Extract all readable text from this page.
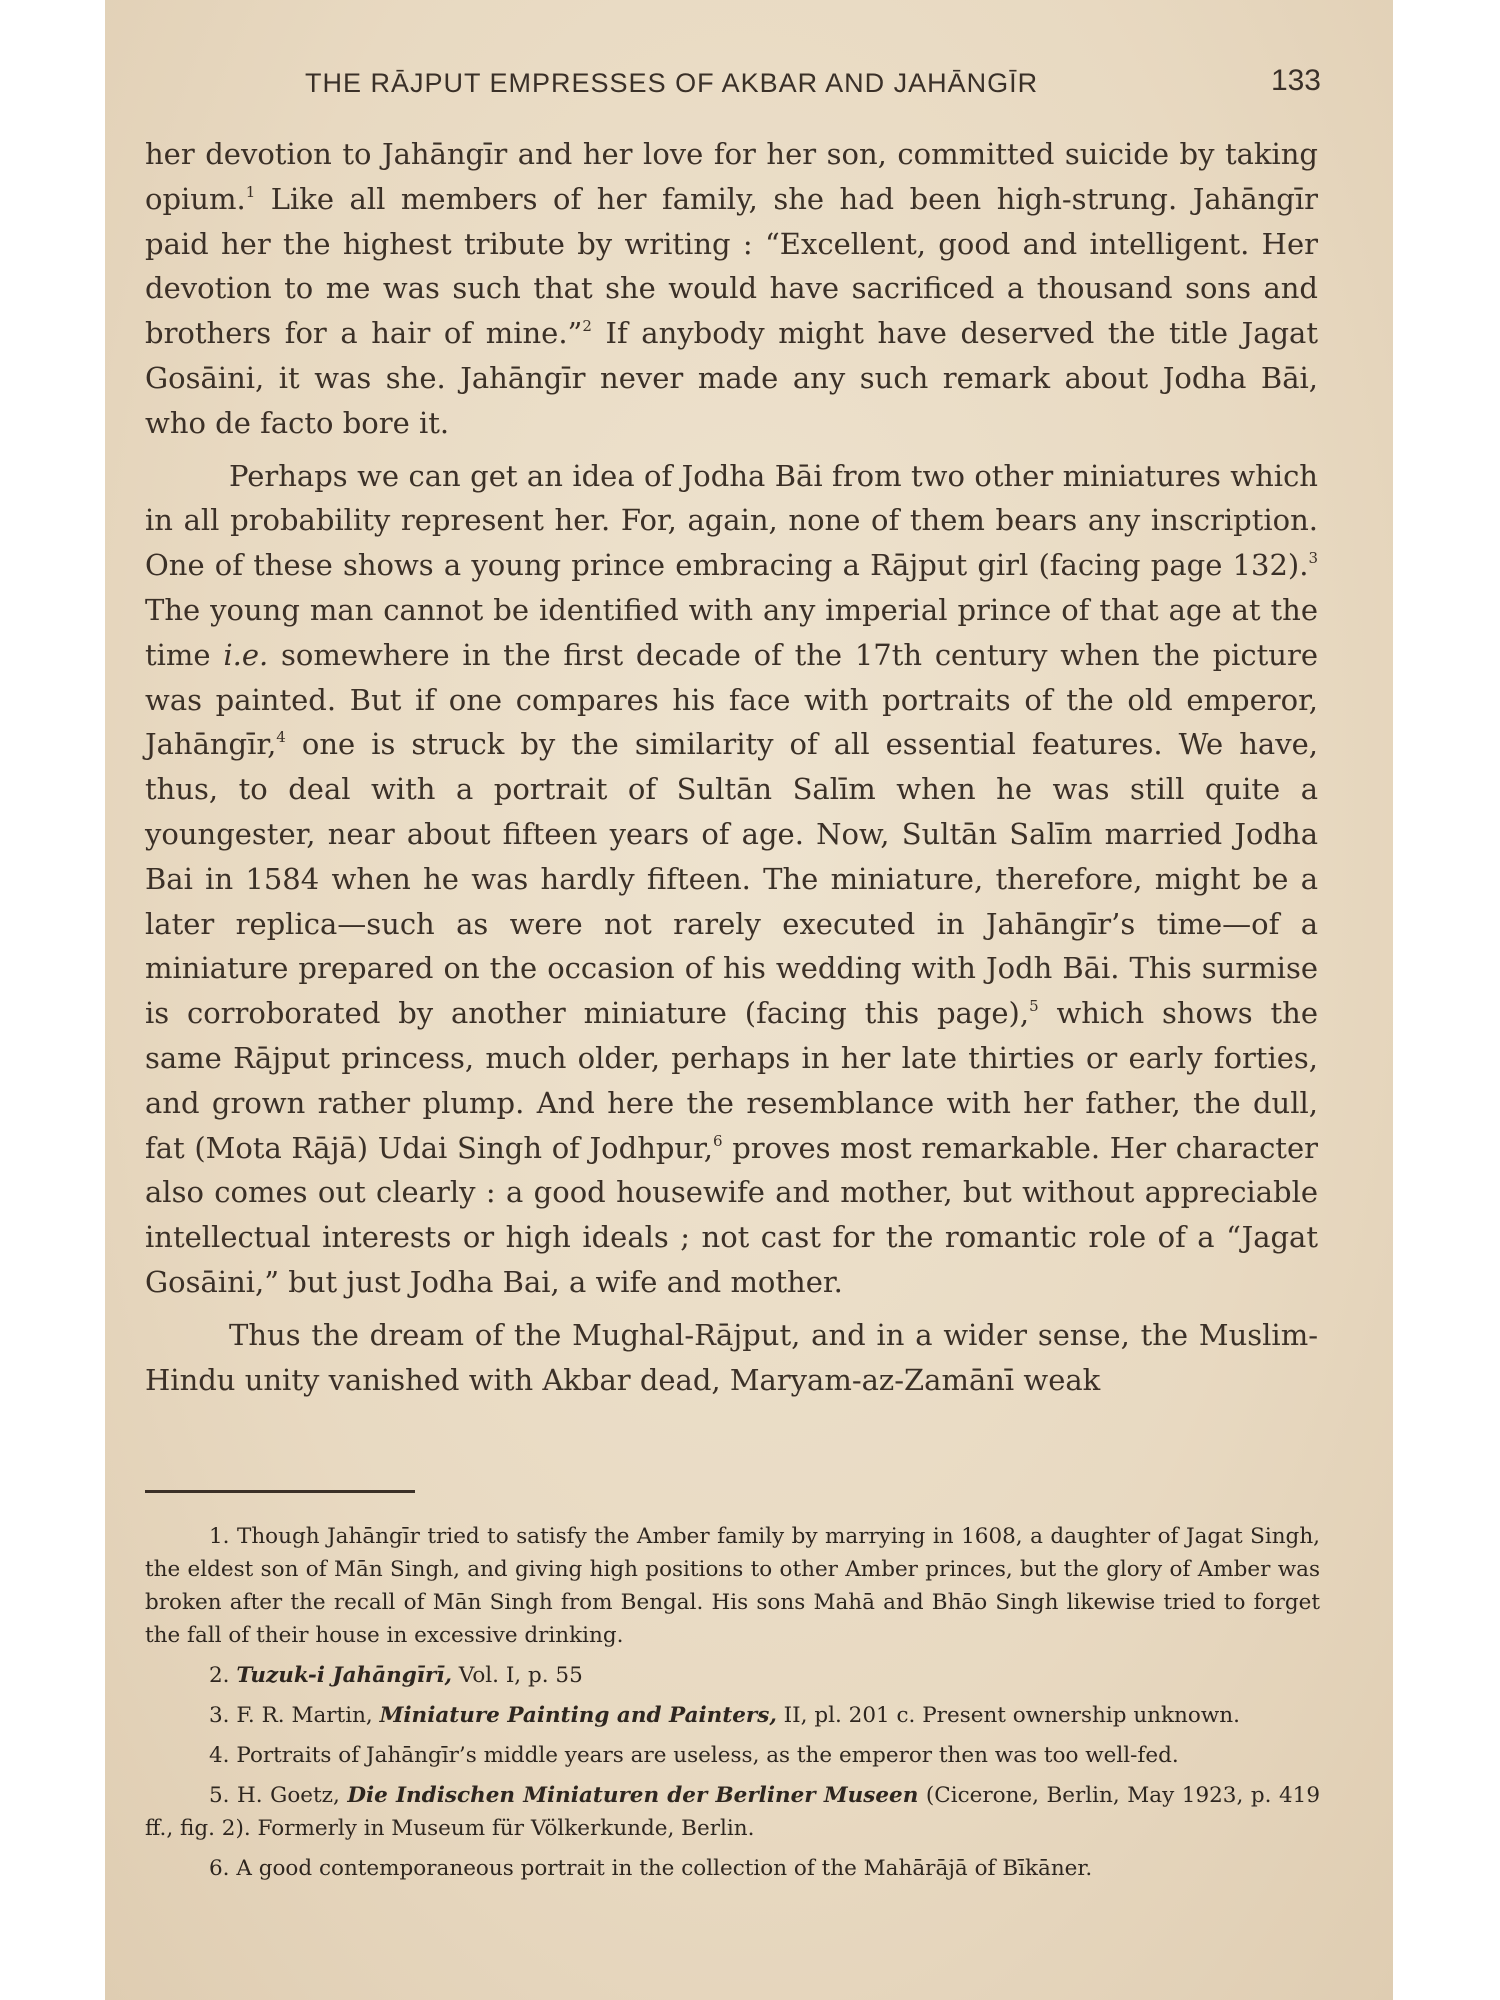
THE RĀJPUT EMPRESSES OF AKBAR AND JAHĀNGĪR	133

her devotion to Jahāngīr and her love for her son, committed suicide by taking opium.$^1$ Like all members of her family, she had been high-strung. Jahāngīr paid her the highest tribute by writing : “Excellent, good and intelligent. Her devotion to me was such that she would have sacrificed a thousand sons and brothers for a hair of mine.”$^2$ If anybody might have deserved the title Jagat Gosāini, it was she. Jahāngīr never made any such remark about Jodha Bāi, who de facto bore it.

Perhaps we can get an idea of Jodha Bāi from two other miniatures which in all probability represent her. For, again, none of them bears any inscription. One of these shows a young prince embracing a Rājput girl (facing page 132).$^3$ The young man cannot be identified with any imperial prince of that age at the time i.e. somewhere in the first decade of the 17th century when the picture was painted. But if one compares his face with portraits of the old emperor, Jahāngīr,$^4$ one is struck by the similarity of all essential features. We have, thus, to deal with a portrait of Sultān Salīm when he was still quite a youngester, near about fifteen years of age. Now, Sultān Salīm married Jodha Bai in 1584 when he was hardly fifteen. The miniature, therefore, might be a later replica—such as were not rarely executed in Jahāngīr’s time—of a miniature prepared on the occasion of his wedding with Jodh Bāi. This surmise is corroborated by another miniature (facing this page),$^5$ which shows the same Rājput princess, much older, perhaps in her late thirties or early forties, and grown rather plump. And here the resemblance with her father, the dull, fat (Mota Rājā) Udai Singh of Jodhpur,$^6$ proves most remarkable. Her character also comes out clearly : a good housewife and mother, but without appreciable intellectual interests or high ideals ; not cast for the romantic role of a “Jagat Gosāini,” but just Jodha Bai, a wife and mother.

Thus the dream of the Mughal-Rājput, and in a wider sense, the Muslim-Hindu unity vanished with Akbar dead, Maryam-az-Zamānī weak

1. Though Jahāngīr tried to satisfy the Amber family by marrying in 1608, a daughter of Jagat Singh, the eldest son of Mān Singh, and giving high positions to other Amber princes, but the glory of Amber was broken after the recall of Mān Singh from Bengal. His sons Mahā and Bhāo Singh likewise tried to forget the fall of their house in excessive drinking.

2. Tuzuk-i Jahāngīrī, Vol. I, p. 55

3. F. R. Martin, Miniature Painting and Painters, II, pl. 201 c. Present ownership unknown.

4. Portraits of Jahāngīr’s middle years are useless, as the emperor then was too well-fed.

5. H. Goetz, Die Indischen Miniaturen der Berliner Museen (Cicerone, Berlin, May 1923, p. 419 ff., fig. 2). Formerly in Museum für Völkerkunde, Berlin.

6. A good contemporaneous portrait in the collection of the Mahārājā of Bīkāner.
